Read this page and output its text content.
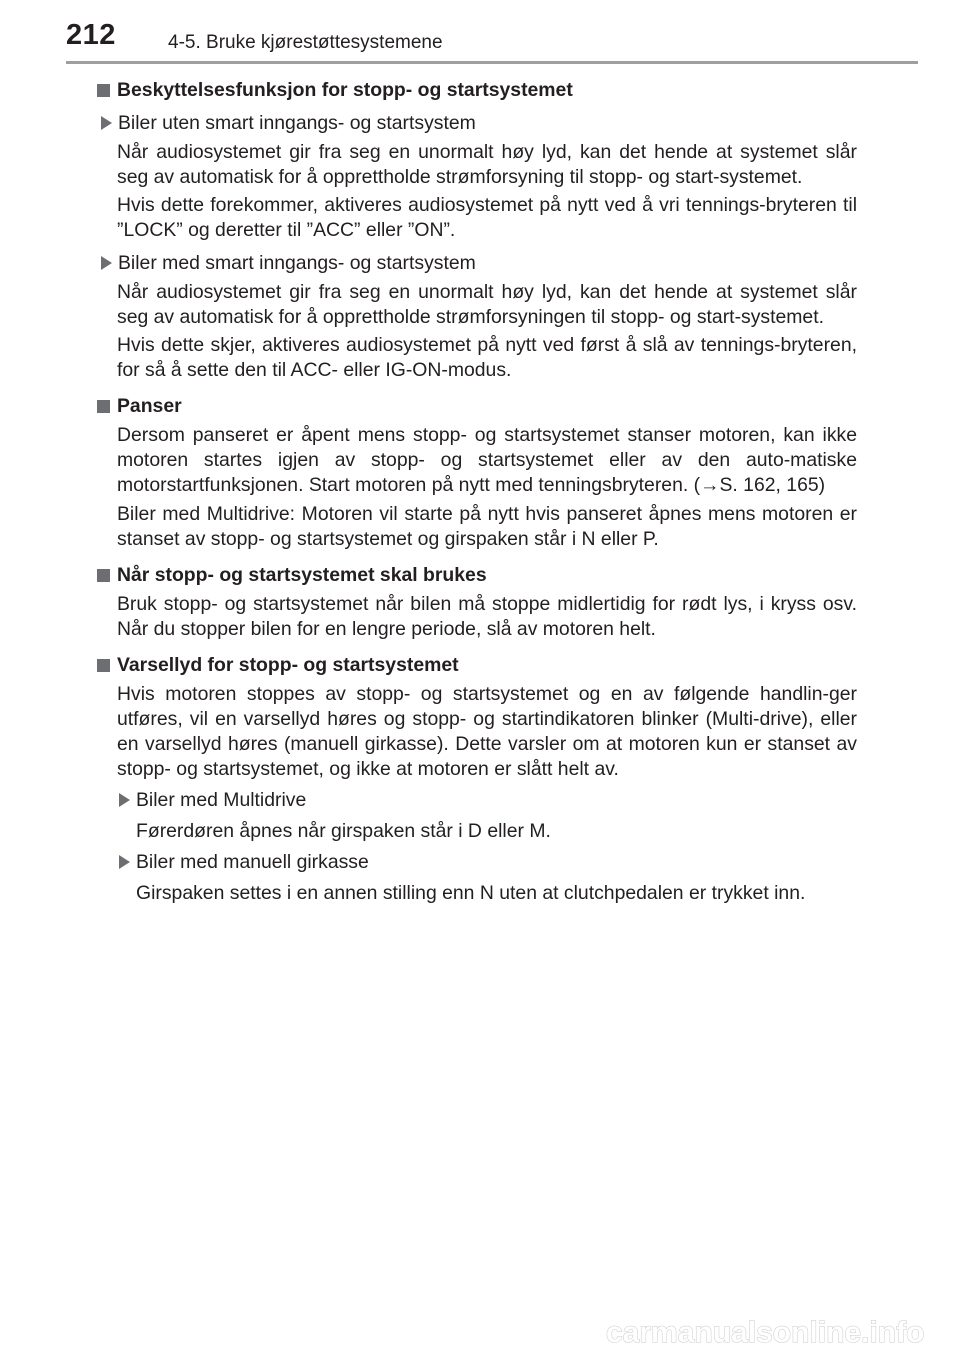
212	4-5. Bruke kjørestøttesystemene
Beskyttelsesfunksjon for stopp- og startsystemet
Biler uten smart inngangs- og startsystem
Når audiosystemet gir fra seg en unormalt høy lyd, kan det hende at systemet slår seg av automatisk for å opprettholde strømforsyning til stopp- og start-systemet.
Hvis dette forekommer, aktiveres audiosystemet på nytt ved å vri tennings-bryteren til ”LOCK” og deretter til ”ACC” eller ”ON”.
Biler med smart inngangs- og startsystem
Når audiosystemet gir fra seg en unormalt høy lyd, kan det hende at systemet slår seg av automatisk for å opprettholde strømforsyningen til stopp- og start-systemet.
Hvis dette skjer, aktiveres audiosystemet på nytt ved først å slå av tennings-bryteren, for så å sette den til ACC- eller IG-ON-modus.
Panser
Dersom panseret er åpent mens stopp- og startsystemet stanser motoren, kan ikke motoren startes igjen av stopp- og startsystemet eller av den auto-matiske motorstartfunksjonen. Start motoren på nytt med tenningsbryteren. (→S. 162, 165)
Biler med Multidrive: Motoren vil starte på nytt hvis panseret åpnes mens motoren er stanset av stopp- og startsystemet og girspaken står i N eller P.
Når stopp- og startsystemet skal brukes
Bruk stopp- og startsystemet når bilen må stoppe midlertidig for rødt lys, i kryss osv. Når du stopper bilen for en lengre periode, slå av motoren helt.
Varsellyd for stopp- og startsystemet
Hvis motoren stoppes av stopp- og startsystemet og en av følgende handlin-ger utføres, vil en varsellyd høres og stopp- og startindikatoren blinker (Multi-drive), eller en varsellyd høres (manuell girkasse). Dette varsler om at motoren kun er stanset av stopp- og startsystemet, og ikke at motoren er slått helt av.
Biler med Multidrive
Førerdøren åpnes når girspaken står i D eller M.
Biler med manuell girkasse
Girspaken settes i en annen stilling enn N uten at clutchpedalen er trykket inn.
carmanualsonline.info
